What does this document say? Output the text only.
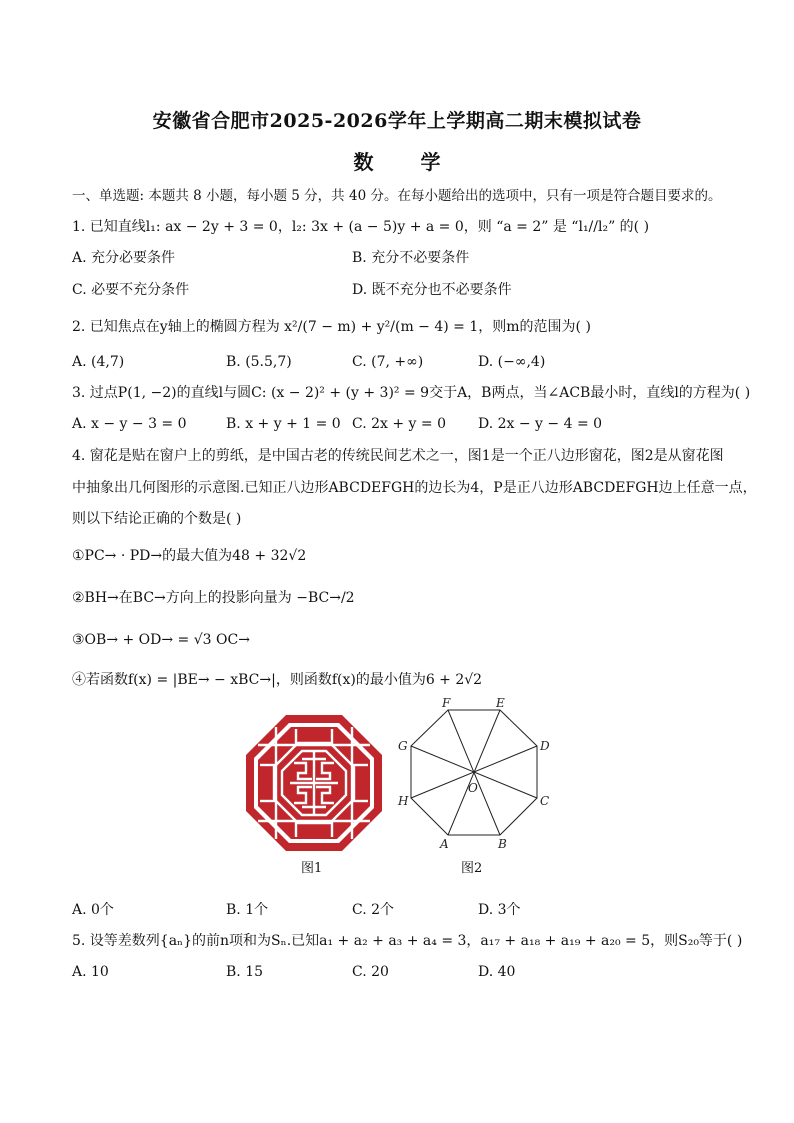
安徽省合肥市2025-2026学年上学期高二期末模拟试卷
数 学
一、单选题: 本题共 8 小题，每小题 5 分，共 40 分。在每小题给出的选项中，只有一项是符合题目要求的。
1. 已知直线l₁: ax − 2y + 3 = 0，l₂: 3x + (a − 5)y + a = 0，则 “a = 2” 是 “l₁//l₂” 的( )
A. 充分必要条件	B. 充分不必要条件
C. 必要不充分条件	D. 既不充分也不必要条件
2. 已知焦点在y轴上的椭圆方程为 x²/(7 − m) + y²/(m − 4) = 1，则m的范围为( )
A. (4,7)	B. (5.5,7)	C. (7, +∞)	D. (−∞,4)
3. 过点P(1, −2)的直线l与圆C: (x − 2)² + (y + 3)² = 9交于A，B两点，当∠ACB最小时，直线l的方程为( )
A. x − y − 3 = 0	B. x + y + 1 = 0 C. 2x + y = 0 D. 2x − y − 4 = 0
4. 窗花是贴在窗户上的剪纸，是中国古老的传统民间艺术之一，图1是一个正八边形窗花，图2是从窗花图
中抽象出几何图形的示意图.已知正八边形ABCDEFGH的边长为4，P是正八边形ABCDEFGH边上任意一点，
则以下结论正确的个数是( )
①PC→ · PD→的最大值为48 + 32√2
②BH→在BC→方向上的投影向量为 −BC→/2
③OB→ + OD→ = √3 OC→
④若函数f(x) = |BE→ − xBC→|，则函数f(x)的最小值为6 + 2√2
A	B
C
D
E
F
G
H
O
图1	图2
A. 0个	B. 1个	C. 2个	D. 3个
5. 设等差数列{aₙ}的前n项和为Sₙ.已知a₁ + a₂ + a₃ + a₄ = 3，a₁₇ + a₁₈ + a₁₉ + a₂₀ = 5，则S₂₀等于( )
A. 10	B. 15	C. 20	D. 40
